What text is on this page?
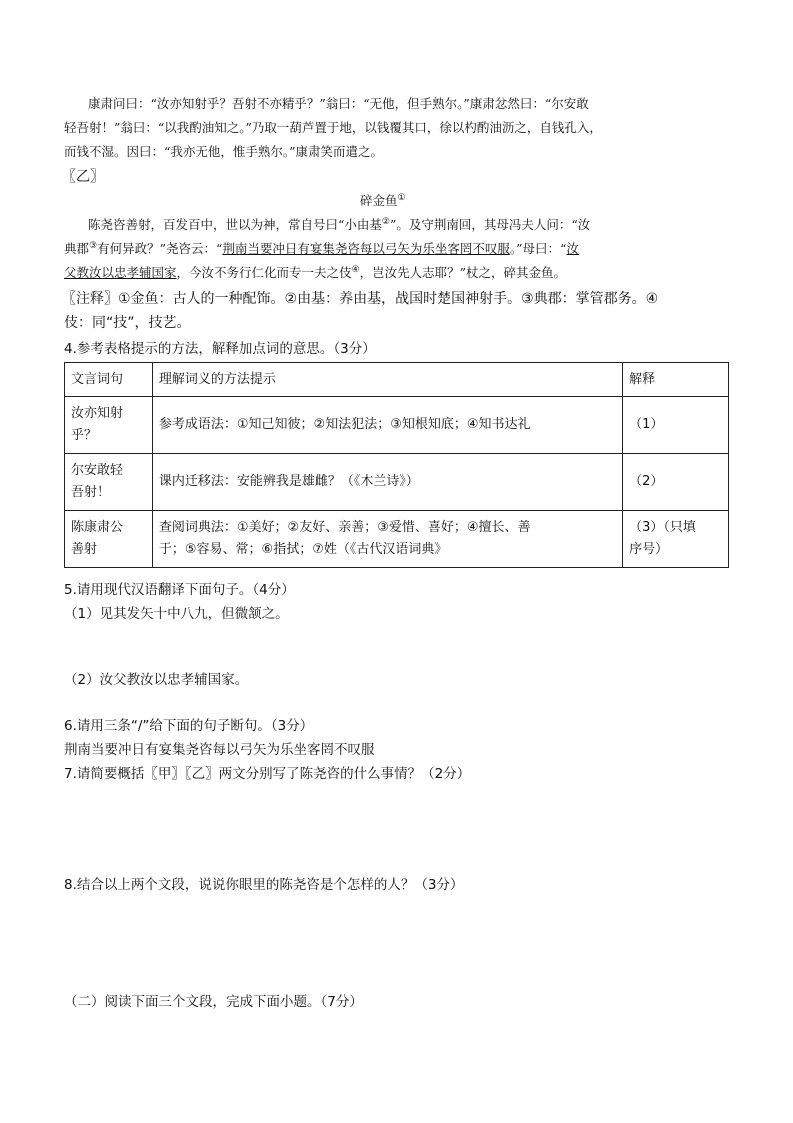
康肃问曰：“汝亦知射乎？吾射不亦精乎？”翁曰：“无他，但手熟尔。”康肃忿然曰：“尔安敢
轻吾射！”翁曰：“以我酌油知之。”乃取一葫芦置于地，以钱覆其口，徐以杓酌油沥之，自钱孔入，
而钱不湿。因曰：“我亦无他，惟手熟尔。”康肃笑而遣之。
〖乙〗
碎金鱼①
陈尧咨善射，百发百中，世以为神，常自号曰“小由基②”。及守荆南回，其母冯夫人问：“汝
典郡③有何异政？”尧咨云：“荆南当要冲日有宴集尧咨每以弓矢为乐坐客罔不叹服。”母曰：“汝
父教汝以忠孝辅国家，今汝不务行仁化而专一夫之伎④，岂汝先人志耶？”杖之，碎其金鱼。
〖注释〗①金鱼：古人的一种配饰。②由基：养由基，战国时楚国神射手。③典郡：掌管郡务。④
伎：同“技”，技艺。
4.参考表格提示的方法，解释加点词的意思。（3分）
文言词句	理解词义的方法提示	解释
汝亦知射
乎？	参考成语法：①知己知彼；②知法犯法；③知根知底；④知书达礼	（1）
尔安敢轻
吾射！	课内迁移法：安能辨我是雄雌？（《木兰诗》）	（2）
陈康肃公
善射	查阅词典法：①美好；②友好、亲善；③爱惜、喜好；④擅长、善
于；⑤容易、常；⑥指拭；⑦姓（《古代汉语词典》	（3）（只填
序号）
5.请用现代汉语翻译下面句子。（4分）
（1）见其发矢十中八九，但微颔之。
（2）汝父教汝以忠孝辅国家。
6.请用三条“/”给下面的句子断句。（3分）
荆南当要冲日有宴集尧咨每以弓矢为乐坐客罔不叹服
7.请简要概括〖甲〗〖乙〗两文分别写了陈尧咨的什么事情？（2分）
8.结合以上两个文段，说说你眼里的陈尧咨是个怎样的人？（3分）
（二）阅读下面三个文段，完成下面小题。（7分）
